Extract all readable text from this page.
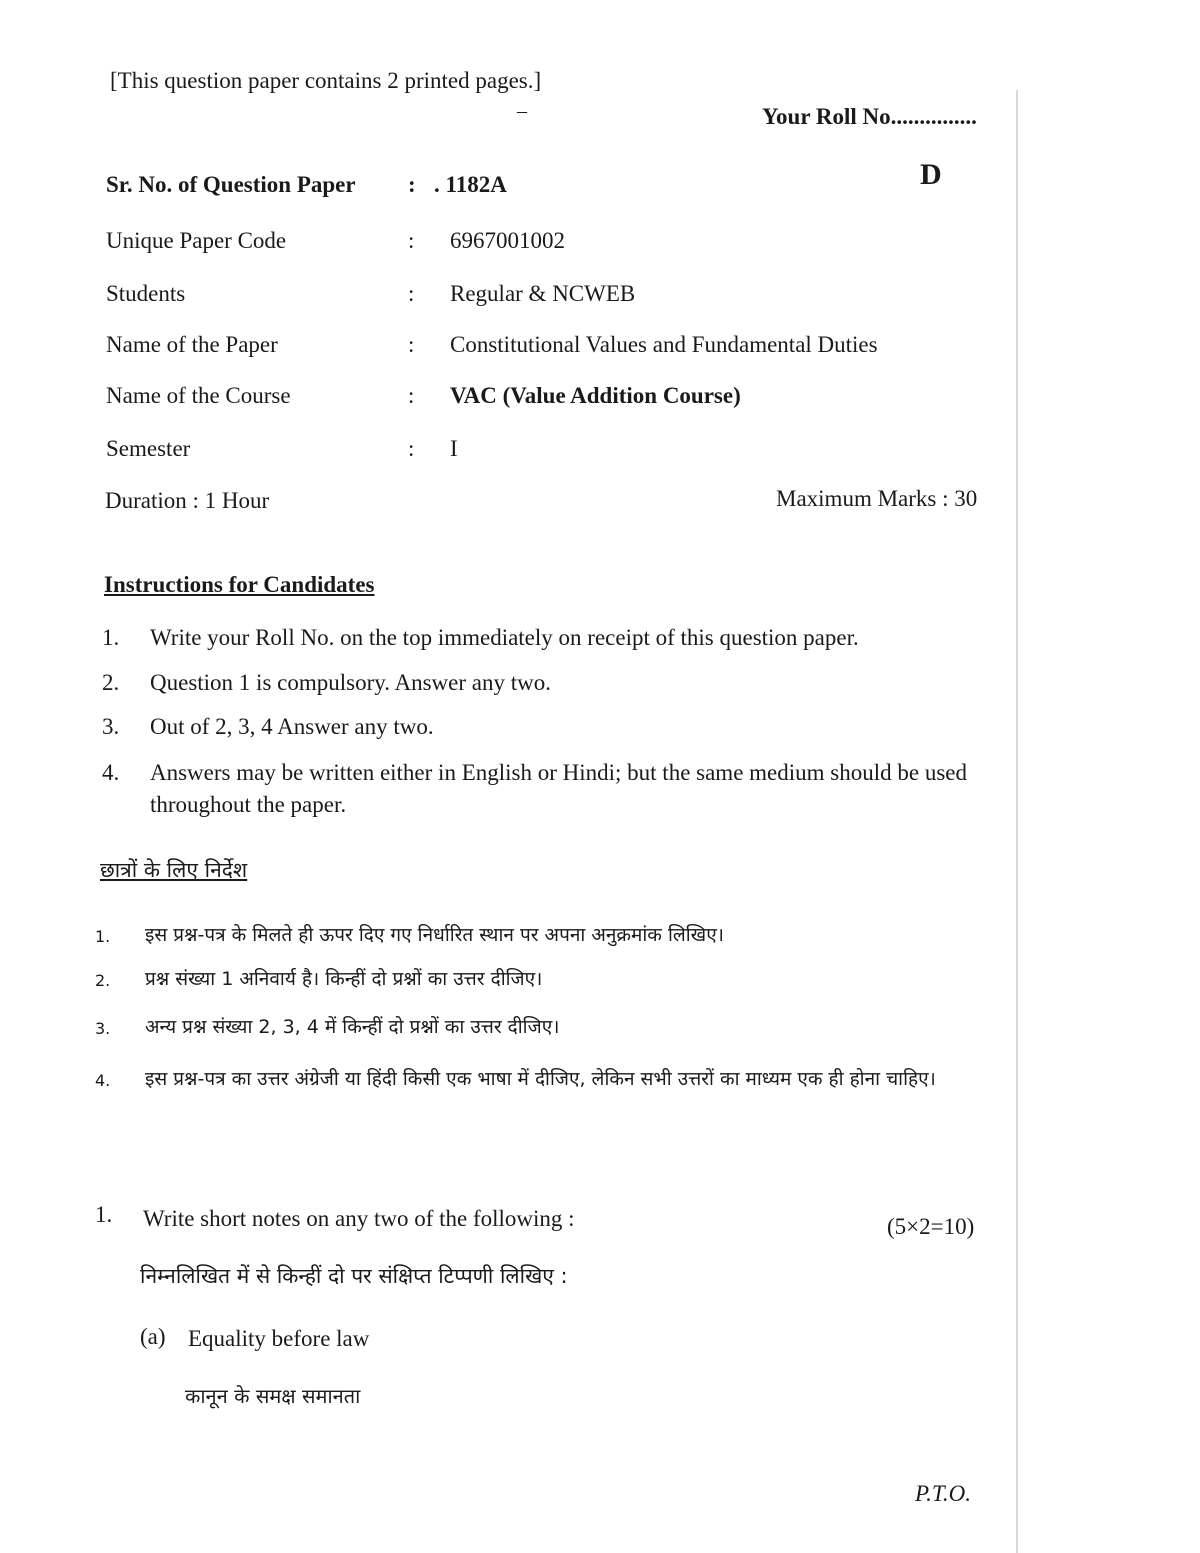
[This question paper contains 2 printed pages.]
–	Your Roll No...............
D
Sr. No. of Question Paper : . 1182A
Unique Paper Code	: 6967001002
Students	: Regular & NCWEB
Name of the Paper	: Constitutional Values and Fundamental Duties
Name of the Course	: VAC (Value Addition Course)
Semester	: I
Duration : 1 Hour	Maximum Marks : 30
Instructions for Candidates
1. Write your Roll No. on the top immediately on receipt of this question paper.
2. Question 1 is compulsory. Answer any two.
3. Out of 2, 3, 4 Answer any two.
4. Answers may be written either in English or Hindi; but the same medium should be used throughout the paper.
छात्रों के लिए निर्देश
1. इस प्रश्न-पत्र के मिलते ही ऊपर दिए गए निर्धारित स्थान पर अपना अनुक्रमांक लिखिए।
2. प्रश्न संख्या 1 अनिवार्य है। किन्हीं दो प्रश्नों का उत्तर दीजिए।
3. अन्य प्रश्न संख्या 2, 3, 4 में किन्हीं दो प्रश्नों का उत्तर दीजिए।
4. इस प्रश्न-पत्र का उत्तर अंग्रेजी या हिंदी किसी एक भाषा में दीजिए, लेकिन सभी उत्तरों का माध्यम एक ही होना चाहिए।
1. Write short notes on any two of the following :	(5×2=10)
निम्नलिखित में से किन्हीं दो पर संक्षिप्त टिप्पणी लिखिए :
(a) Equality before law
कानून के समक्ष समानता
P.T.O.
